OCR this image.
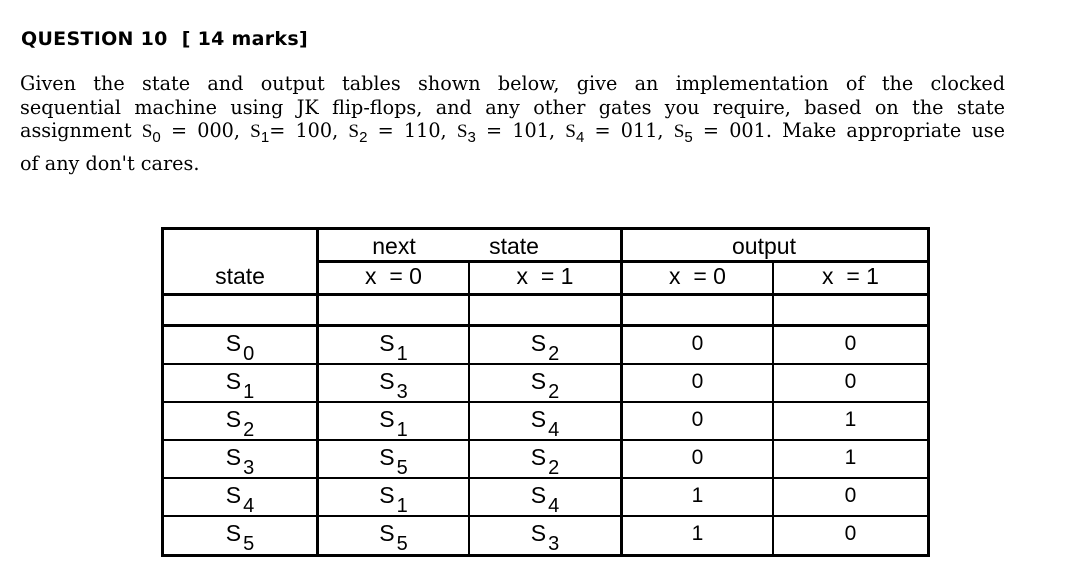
QUESTION 10 [ 14 marks]
Given the state and output tables shown below, give an implementation of the clocked
sequential machine using JK flip-flops, and any other gates you require, based on the state
assignment $S_0 = 000$, $S_1= 100$, $S_2 = 110$, $S_3 = 101$, $S_4 = 011$, $S_5 = 001$. Make appropriate use
of any don't cares.
next	state	output
state	x  = 0	x  = 1	x  = 0	x  = 1
S $_0$	S $_1$	S $_2$	0	0
S $_1$	S $_3$	S $_2$	0	0
S $_2$	S $_1$	S $_4$	0	1
S $_3$	S $_5$	S $_2$	0	1
S $_4$	S $_1$	S $_4$	1	0
S $_5$	S $_5$	S $_3$	1	0
